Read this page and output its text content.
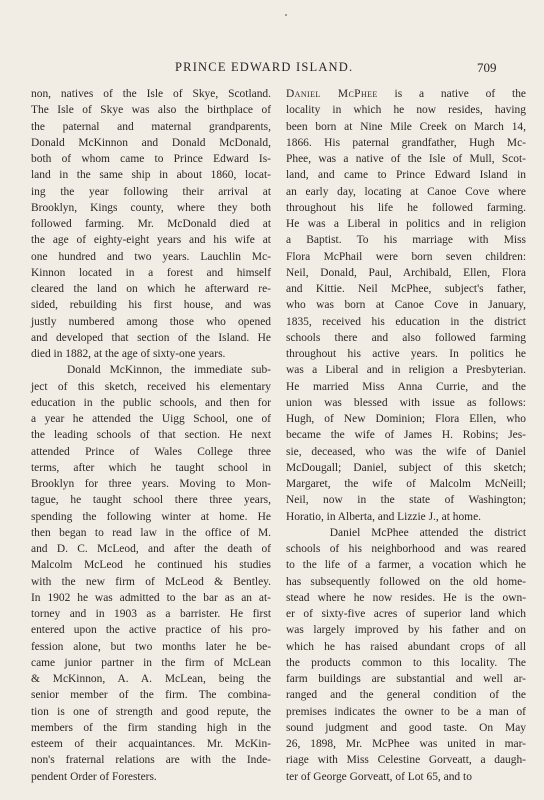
PRINCE EDWARD ISLAND.	709
non, natives of the Isle of Skye, Scotland.
The Isle of Skye was also the birthplace of
the paternal and maternal grandparents,
Donald McKinnon and Donald McDonald,
both of whom came to Prince Edward Is-
land in the same ship in about 1860, locat-
ing the year following their arrival at
Brooklyn, Kings county, where they both
followed farming. Mr. McDonald died at
the age of eighty-eight years and his wife at
one hundred and two years. Lauchlin Mc-
Kinnon located in a forest and himself
cleared the land on which he afterward re-
sided, rebuilding his first house, and was
justly numbered among those who opened
and developed that section of the Island. He
died in 1882, at the age of sixty-one years.
Donald McKinnon, the immediate sub-
ject of this sketch, received his elementary
education in the public schools, and then for
a year he attended the Uigg School, one of
the leading schools of that section. He next
attended Prince of Wales College three
terms, after which he taught school in
Brooklyn for three years. Moving to Mon-
tague, he taught school there three years,
spending the following winter at home. He
then began to read law in the office of M.
and D. C. McLeod, and after the death of
Malcolm McLeod he continued his studies
with the new firm of McLeod & Bentley.
In 1902 he was admitted to the bar as an at-
torney and in 1903 as a barrister. He first
entered upon the active practice of his pro-
fession alone, but two months later he be-
came junior partner in the firm of McLean
& McKinnon, A. A. McLean, being the
senior member of the firm. The combina-
tion is one of strength and good repute, the
members of the firm standing high in the
esteem of their acquaintances. Mr. McKin-
non's fraternal relations are with the Inde-
pendent Order of Foresters.
Daniel McPhee is a native of the
locality in which he now resides, having
been born at Nine Mile Creek on March 14,
1866. His paternal grandfather, Hugh Mc-
Phee, was a native of the Isle of Mull, Scot-
land, and came to Prince Edward Island in
an early day, locating at Canoe Cove where
throughout his life he followed farming.
He was a Liberal in politics and in religion
a Baptist. To his marriage with Miss
Flora McPhail were born seven children:
Neil, Donald, Paul, Archibald, Ellen, Flora
and Kittie. Neil McPhee, subject's father,
who was born at Canoe Cove in January,
1835, received his education in the district
schools there and also followed farming
throughout his active years. In politics he
was a Liberal and in religion a Presbyterian.
He married Miss Anna Currie, and the
union was blessed with issue as follows:
Hugh, of New Dominion; Flora Ellen, who
became the wife of James H. Robins; Jes-
sie, deceased, who was the wife of Daniel
McDougall; Daniel, subject of this sketch;
Margaret, the wife of Malcolm McNeill;
Neil, now in the state of Washington;
Horatio, in Alberta, and Lizzie J., at home.
Daniel McPhee attended the district
schools of his neighborhood and was reared
to the life of a farmer, a vocation which he
has subsequently followed on the old home-
stead where he now resides. He is the own-
er of sixty-five acres of superior land which
was largely improved by his father and on
which he has raised abundant crops of all
the products common to this locality. The
farm buildings are substantial and well ar-
ranged and the general condition of the
premises indicates the owner to be a man of
sound judgment and good taste. On May
26, 1898, Mr. McPhee was united in mar-
riage with Miss Celestine Gorveatt, a daugh-
ter of George Gorveatt, of Lot 65, and to
